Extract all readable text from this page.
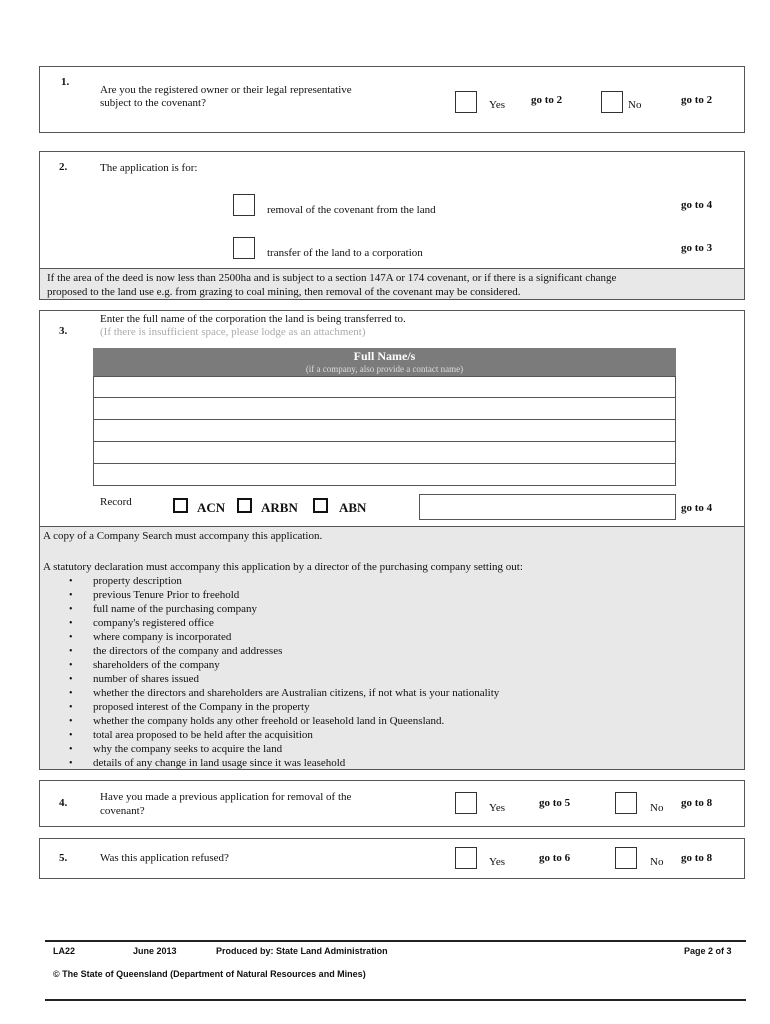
1.
Are you the registered owner or their legal representative
subject to the covenant?	Yes go to 2	No	go to 2
2.	The application is for:
removal of the covenant from the land	go to 4
transfer of the land to a corporation	go to 3
If the area of the deed is now less than 2500ha and is subject to a section 147A or 174 covenant, or if there is a significant change
proposed to the land use e.g. from grazing to coal mining, then removal of the covenant may be considered.
3.
Enter the full name of the corporation the land is being transferred to.
(If there is insufficient space, please lodge as an attachment)
Full Name/s
(if a company, also provide a contact name)
Record	ACN	ARBN	ABN	go to 4
A copy of a Company Search must accompany this application.
A statutory declaration must accompany this application by a director of the purchasing company setting out:
• property description
• previous Tenure Prior to freehold
• full name of the purchasing company
• company's registered office
• where company is incorporated
• the directors of the company and addresses
• shareholders of the company
• number of shares issued
• whether the directors and shareholders are Australian citizens, if not what is your nationality
• proposed interest of the Company in the property
• whether the company holds any other freehold or leasehold land in Queensland.
• total area proposed to be held after the acquisition
• why the company seeks to acquire the land
• details of any change in land usage since it was leasehold
4.	Have you made a previous application for removal of the
covenant?	Yes	go to 5	No go to 8
5.	Was this application refused?	Yes	go to 6	No go to 8
LA22	June 2013	Produced by: State Land Administration	Page 2 of 3
© The State of Queensland (Department of Natural Resources and Mines)
